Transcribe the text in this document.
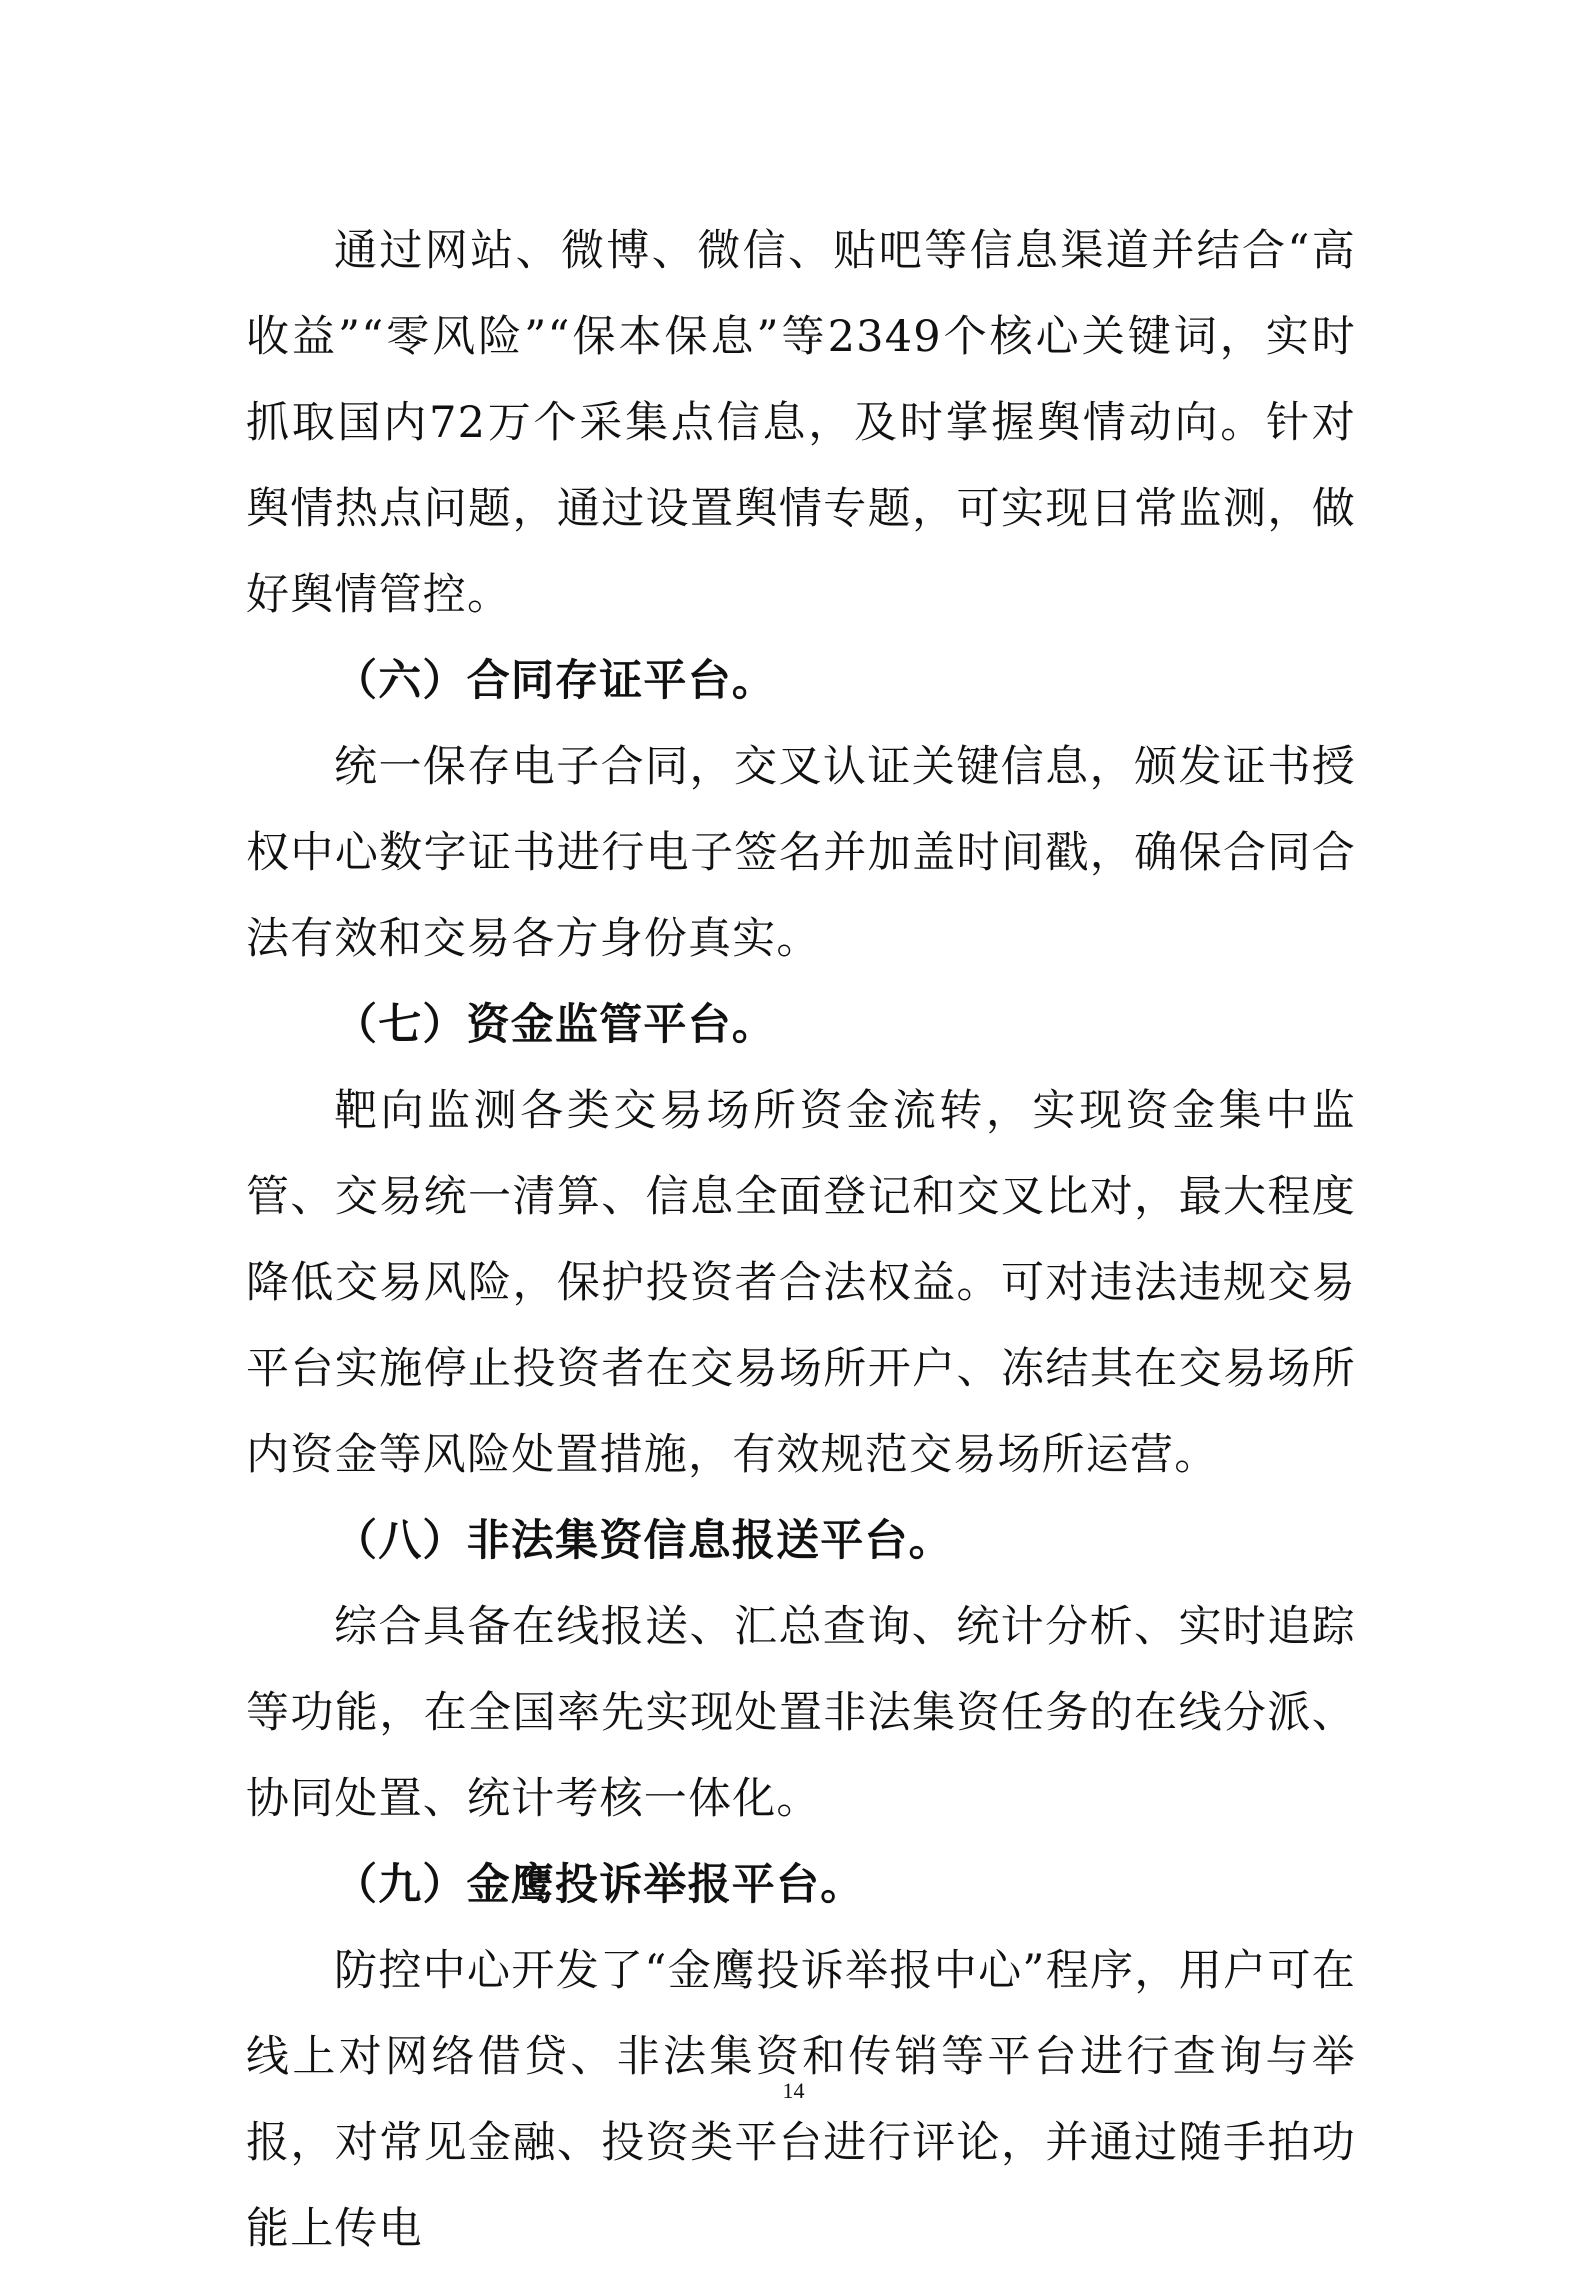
通过网站、微博、微信、贴吧等信息渠道并结合“高收益”“零风险”“保本保息”等2349个核心关键词，实时抓取国内72万个采集点信息，及时掌握舆情动向。针对舆情热点问题，通过设置舆情专题，可实现日常监测，做好舆情管控。

（六）合同存证平台。

统一保存电子合同，交叉认证关键信息，颁发证书授权中心数字证书进行电子签名并加盖时间戳，确保合同合法有效和交易各方身份真实。

（七）资金监管平台。

靶向监测各类交易场所资金流转，实现资金集中监管、交易统一清算、信息全面登记和交叉比对，最大程度降低交易风险，保护投资者合法权益。可对违法违规交易平台实施停止投资者在交易场所开户、冻结其在交易场所内资金等风险处置措施，有效规范交易场所运营。

（八）非法集资信息报送平台。

综合具备在线报送、汇总查询、统计分析、实时追踪等功能，在全国率先实现处置非法集资任务的在线分派、协同处置、统计考核一体化。

（九）金鹰投诉举报平台。

防控中心开发了“金鹰投诉举报中心”程序，用户可在线上对网络借贷、非法集资和传销等平台进行查询与举报，对常见金融、投资类平台进行评论，并通过随手拍功能上传电

14
